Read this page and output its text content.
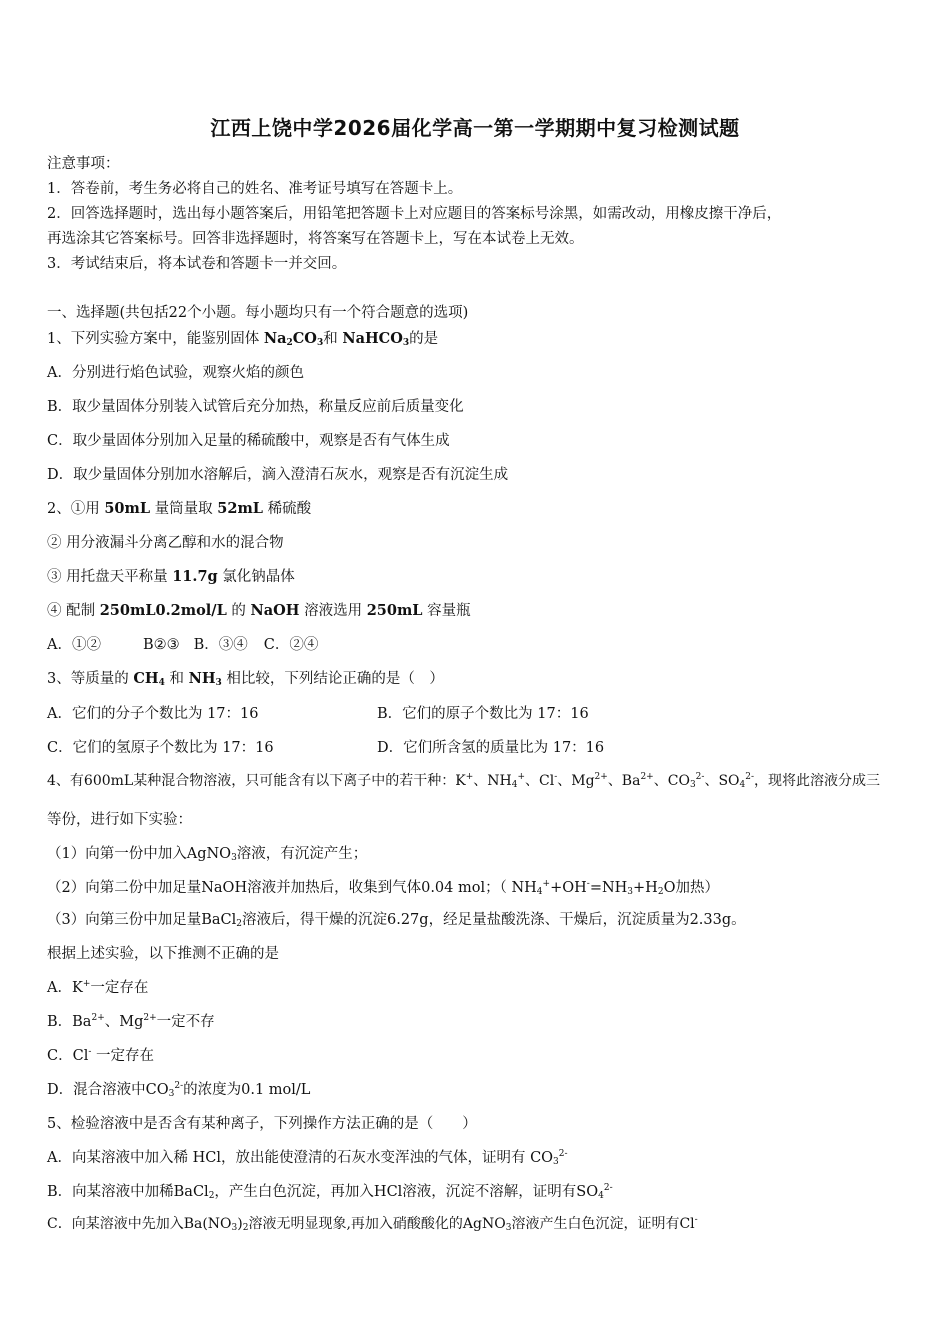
江西上饶中学2026届化学高一第一学期期中复习检测试题
注意事项：
1．答卷前，考生务必将自己的姓名、准考证号填写在答题卡上。
2．回答选择题时，选出每小题答案后，用铅笔把答题卡上对应题目的答案标号涂黑，如需改动，用橡皮擦干净后，
再选涂其它答案标号。回答非选择题时，将答案写在答题卡上，写在本试卷上无效。
3．考试结束后，将本试卷和答题卡一并交回。
一、选择题(共包括22个小题。每小题均只有一个符合题意的选项)
1、下列实验方案中，能鉴别固体 $Na_2CO_3$和 NaHCO$_3$的是
A．分别进行焰色试验，观察火焰的颜色
B．取少量固体分别装入试管后充分加热，称量反应前后质量变化
C．取少量固体分别加入足量的稀硫酸中，观察是否有气体生成
D．取少量固体分别加水溶解后，滴入澄清石灰水，观察是否有沉淀生成
2、①用 50mL 量筒量取 52mL 稀硫酸
② 用分液漏斗分离乙醇和水的混合物
③ 用托盘天平称量 11.7g 氯化钠晶体
④ 配制 250mL0.2mol/L 的 NaOH 溶液选用 250mL 容量瓶
A．①②	B②③ B．③④ C．②④
3、等质量的 $CH_4$ 和 $NH_3$ 相比较，下列结论正确的是（　）
A．它们的分子个数比为 17：16	B．它们的原子个数比为 17：16
C．它们的氢原子个数比为 17：16	D．它们所含氢的质量比为 17：16
4、有600mL某种混合物溶液，只可能含有以下离子中的若干种：K+、$NH_4^+$、Cl-、$Mg^{2+}$、$Ba^{2+}$、$CO_3^{2-}$、$SO_4^{2-}$，现将此溶液分成三
等份，进行如下实验：
（1）向第一份中加入AgNO$_3$溶液，有沉淀产生；
（2）向第二份中加足量NaOH溶液并加热后，收集到气体0.04 mol；（ $NH_4^++OH^-=NH_3+H_2O$加热）
（3）向第三份中加足量BaCl$_2$溶液后，得干燥的沉淀6.27g，经足量盐酸洗涤、干燥后，沉淀质量为2.33g。
根据上述实验，以下推测不正确的是
A．K+一定存在
B．$Ba^{2+}$、$Mg^{2+}$一定不存
C．Cl- 一定存在
D．混合溶液中$CO_3^{2-}$的浓度为0.1 mol/L
5、检验溶液中是否含有某种离子，下列操作方法正确的是（　　）
A．向某溶液中加入稀 HCl，放出能使澄清的石灰水变浑浊的气体，证明有 $CO_3^{2-}$
B．向某溶液中加稀BaCl$_2$，产生白色沉淀，再加入HCl溶液，沉淀不溶解，证明有$SO_4^{2-}$
C．向某溶液中先加入$Ba(NO_3)_2$溶液无明显现象,再加入硝酸酸化的AgNO$_3$溶液产生白色沉淀，证明有Cl-
